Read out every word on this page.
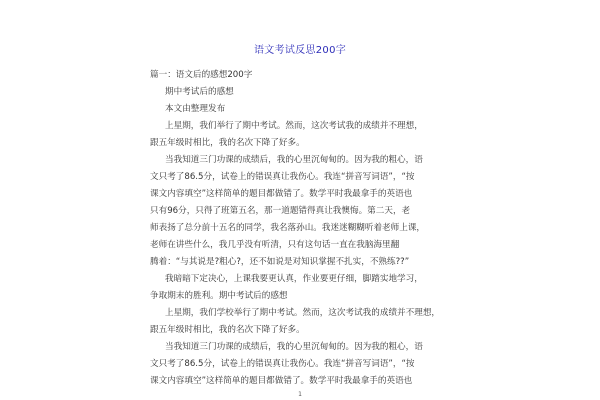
语文考试反思200字
篇一：语文后的感想200字
期中考试后的感想
本文由整理发布
上星期，我们举行了期中考试。然而，这次考试我的成绩并不理想，
跟五年级时相比，我的名次下降了好多。
当我知道三门功课的成绩后，我的心里沉甸甸的。因为我的粗心，语
文只考了86.5分，试卷上的错误真让我伤心。我连“拼音写词语”，“按
课文内容填空”这样简单的题目都做错了。数学平时我最拿手的英语也
只有96分，只得了班第五名，那一道题错得真让我懊悔。第二天，老
师表扬了总分前十五名的同学，我名落孙山。我迷迷糊糊听着老师上课，
老师在讲些什么，我几乎没有听清，只有这句话一直在我脑海里翻
腾着：“与其说是?粗心?，还不如说是对知识掌握不扎实，不熟练??”
我暗暗下定决心，上课我要更认真，作业要更仔细，脚踏实地学习，
争取期末的胜利。期中考试后的感想
上星期，我们学校举行了期中考试。然而，这次考试我的成绩并不理想，
跟五年级时相比，我的名次下降了好多。
当我知道三门功课的成绩后，我的心里沉甸甸的。因为我的粗心，语
文只考了86.5分，试卷上的错误真让我伤心。我连“拼音写词语”，“按
课文内容填空”这样简单的题目都做错了。数学平时我最拿手的英语也
1
